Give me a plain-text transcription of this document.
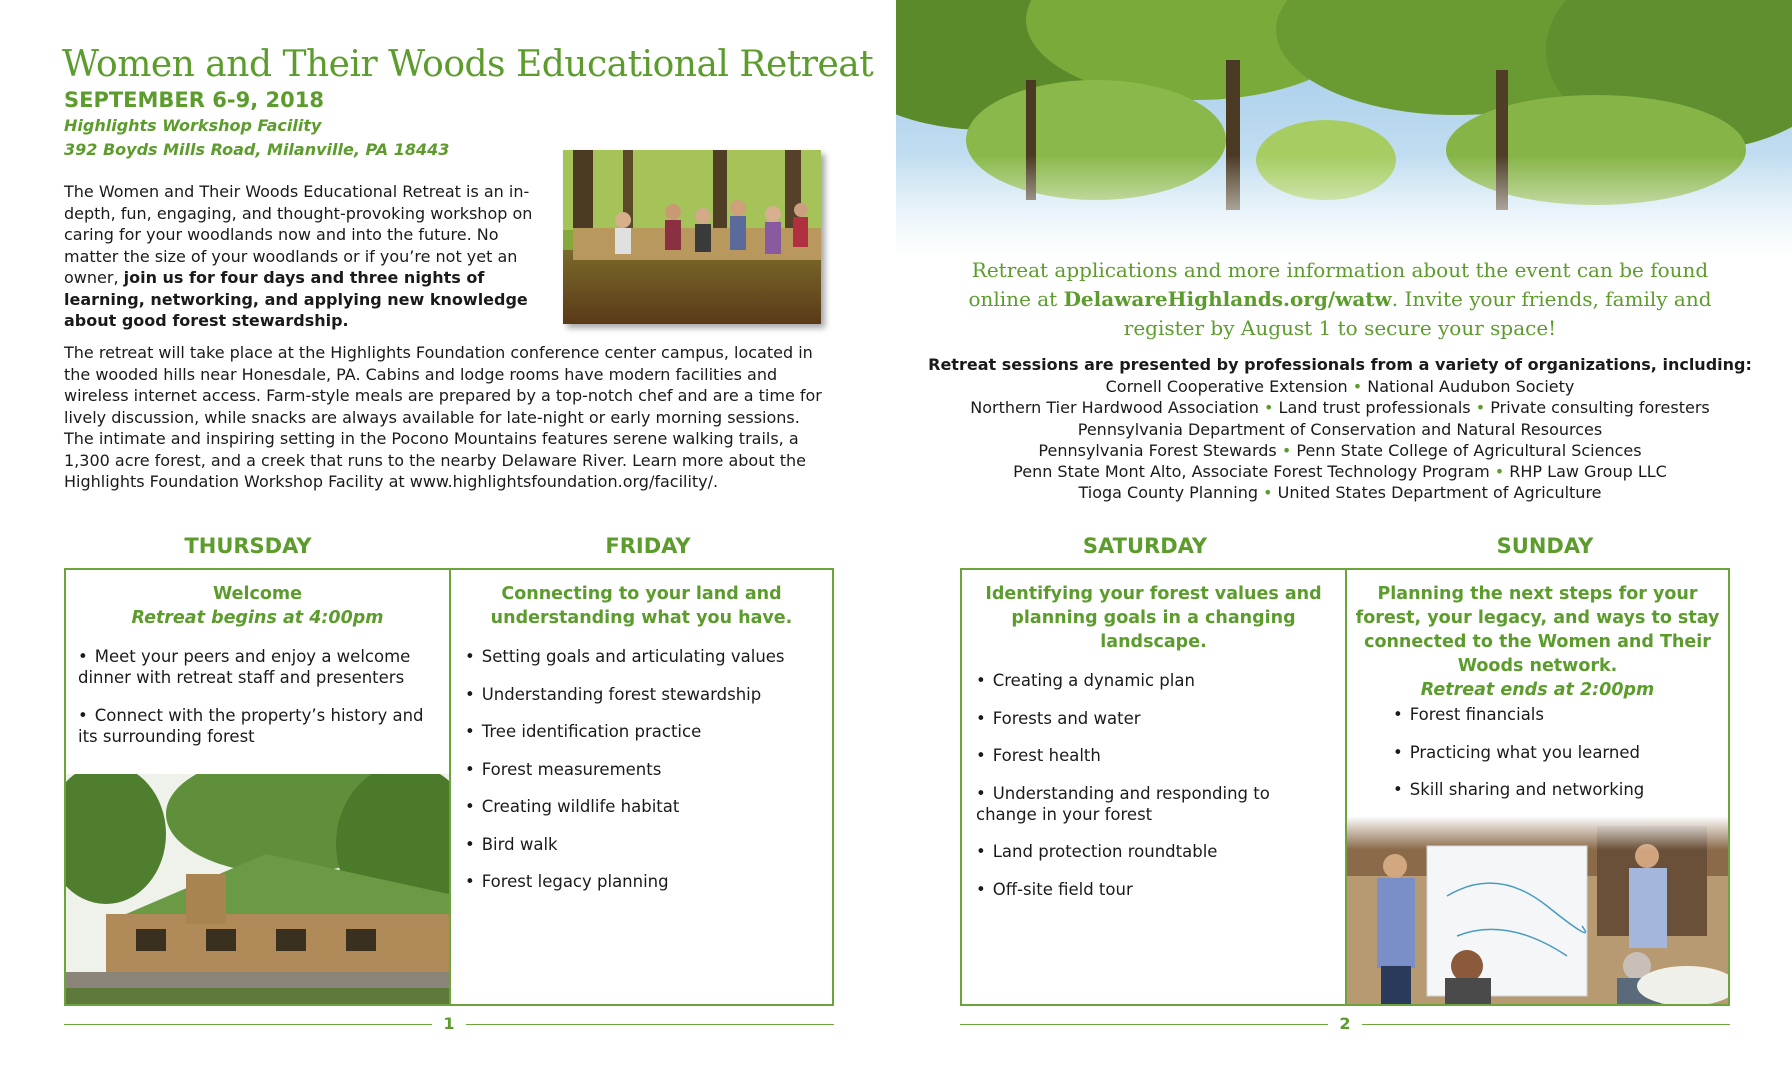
Women and Their Woods Educational Retreat
SEPTEMBER 6-9, 2018
Highlights Workshop Facility
392 Boyds Mills Road, Milanville, PA 18443
The Women and Their Woods Educational Retreat is an in-depth, fun, engaging, and thought-provoking workshop on caring for your woodlands now and into the future. No matter the size of your woodlands or if you’re not yet an owner, join us for four days and three nights of learning, networking, and applying new knowledge about good forest stewardship.
The retreat will take place at the Highlights Foundation conference center campus, located in the wooded hills near Honesdale, PA. Cabins and lodge rooms have modern facilities and wireless internet access. Farm-style meals are prepared by a top-notch chef and are a time for lively discussion, while snacks are always available for late-night or early morning sessions. The intimate and inspiring setting in the Pocono Mountains features serene walking trails, a 1,300 acre forest, and a creek that runs to the nearby Delaware River. Learn more about the Highlights Foundation Workshop Facility at www.highlightsfoundation.org/facility/.
THURSDAY	FRIDAY
Welcome
Retreat begins at 4:00pm
• Meet your peers and enjoy a welcome dinner with retreat staff and presenters
• Connect with the property’s history and its surrounding forest
Connecting to your land and understanding what you have.
• Setting goals and articulating values
• Understanding forest stewardship
• Tree identification practice
• Forest measurements
• Creating wildlife habitat
• Bird walk
• Forest legacy planning
1
Retreat applications and more information about the event can be found online at DelawareHighlands.org/watw. Invite your friends, family and register by August 1 to secure your space!
Retreat sessions are presented by professionals from a variety of organizations, including:
Cornell Cooperative Extension • National Audubon Society
Northern Tier Hardwood Association • Land trust professionals • Private consulting foresters
Pennsylvania Department of Conservation and Natural Resources
Pennsylvania Forest Stewards • Penn State College of Agricultural Sciences
Penn State Mont Alto, Associate Forest Technology Program • RHP Law Group LLC
Tioga County Planning • United States Department of Agriculture
SATURDAY	SUNDAY
Identifying your forest values and planning goals in a changing landscape.
• Creating a dynamic plan
• Forests and water
• Forest health
• Understanding and responding to change in your forest
• Land protection roundtable
• Off-site field tour
Planning the next steps for your forest, your legacy, and ways to stay connected to the Women and Their Woods network.
Retreat ends at 2:00pm
• Forest financials
• Practicing what you learned
• Skill sharing and networking
•
2
